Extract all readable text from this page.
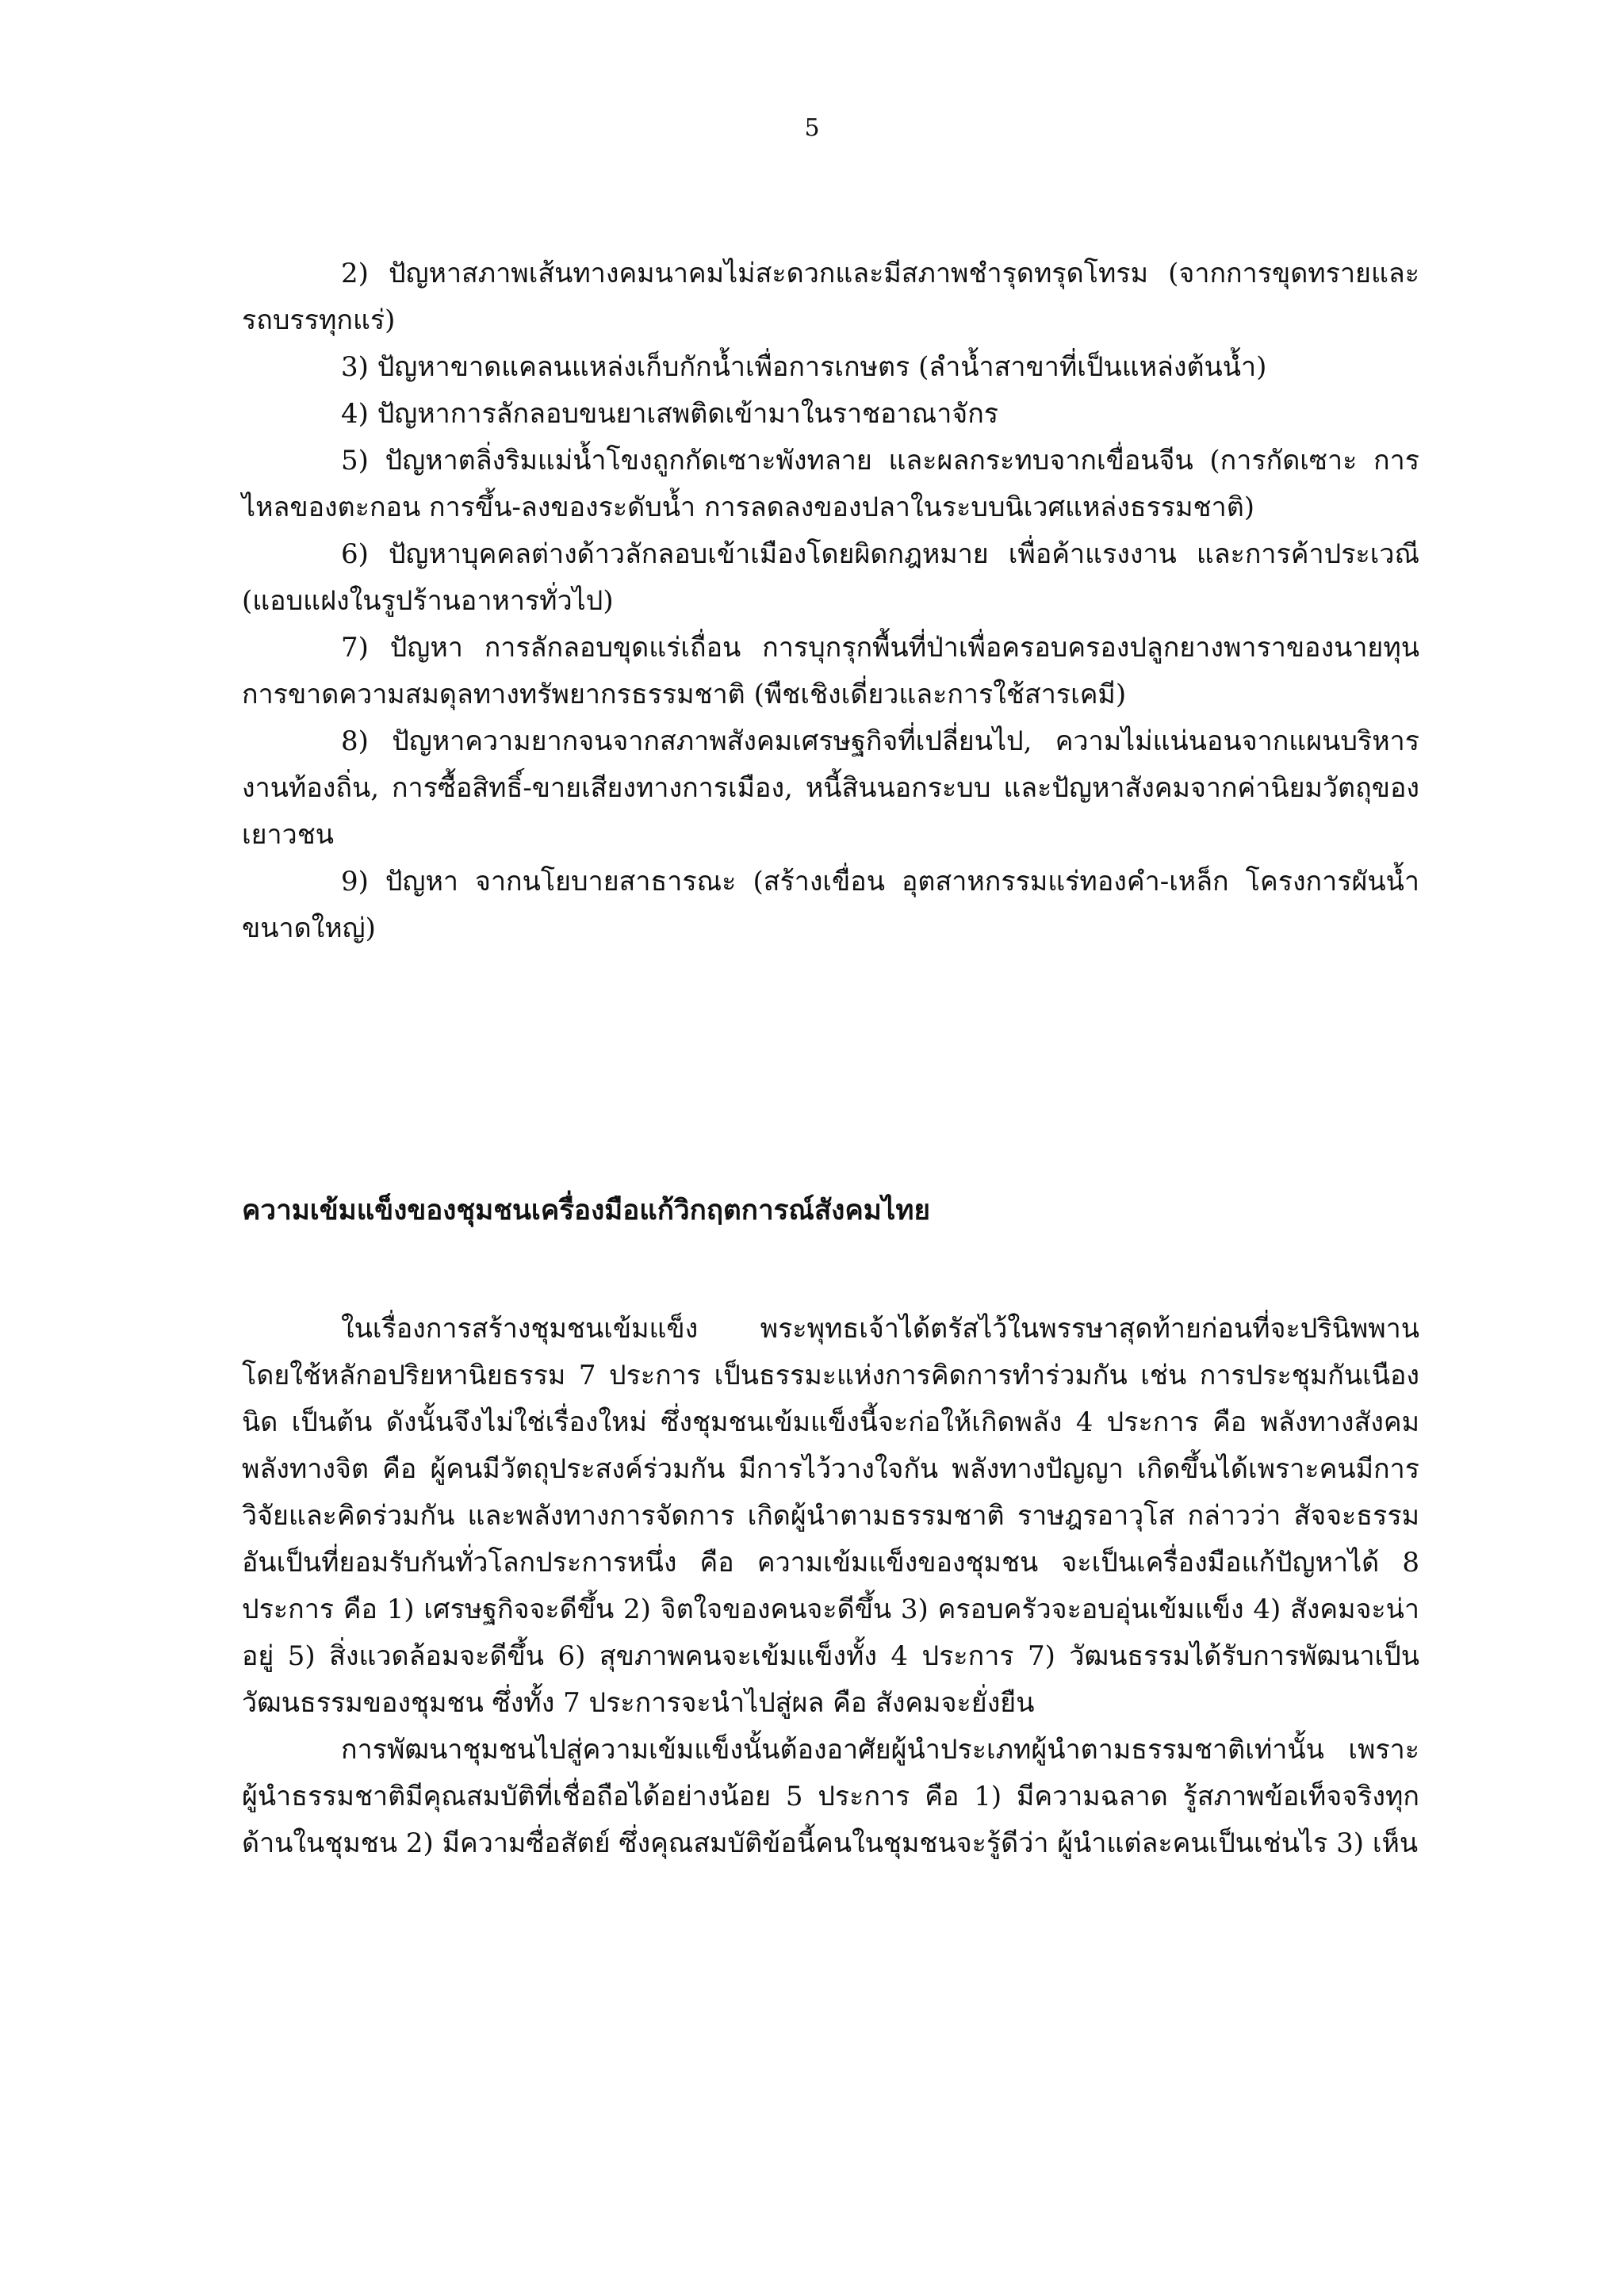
5

2) ปัญหาสภาพเส้นทางคมนาคมไม่สะดวกและมีสภาพชำรุดทรุดโทรม (จากการขุดทรายและรถบรรทุกแร่)

3) ปัญหาขาดแคลนแหล่งเก็บกักน้ำเพื่อการเกษตร (ลำน้ำสาขาที่เป็นแหล่งต้นน้ำ)

4) ปัญหาการลักลอบขนยาเสพติดเข้ามาในราชอาณาจักร

5) ปัญหาตลิ่งริมแม่น้ำโขงถูกกัดเซาะพังทลาย และผลกระทบจากเขื่อนจีน (การกัดเซาะ การไหลของตะกอน การขึ้น-ลงของระดับน้ำ การลดลงของปลาในระบบนิเวศแหล่งธรรมชาติ)

6) ปัญหาบุคคลต่างด้าวลักลอบเข้าเมืองโดยผิดกฎหมาย เพื่อค้าแรงงาน และการค้าประเวณี (แอบแฝงในรูปร้านอาหารทั่วไป)

7) ปัญหา การลักลอบขุดแร่เถื่อน การบุกรุกพื้นที่ป่าเพื่อครอบครองปลูกยางพาราของนายทุน การขาดความสมดุลทางทรัพยากรธรรมชาติ (พืชเชิงเดี่ยวและการใช้สารเคมี)

8) ปัญหาความยากจนจากสภาพสังคมเศรษฐกิจที่เปลี่ยนไป, ความไม่แน่นอนจากแผนบริหารงานท้องถิ่น, การซื้อสิทธิ์-ขายเสียงทางการเมือง, หนี้สินนอกระบบ และปัญหาสังคมจากค่านิยมวัตถุของเยาวชน

9) ปัญหา จากนโยบายสาธารณะ (สร้างเขื่อน อุตสาหกรรมแร่ทองคำ-เหล็ก โครงการผันน้ำขนาดใหญ่)

ความเข้มแข็งของชุมชนเครื่องมือแก้วิกฤตการณ์สังคมไทย

ในเรื่องการสร้างชุมชนเข้มแข็ง พระพุทธเจ้าได้ตรัสไว้ในพรรษาสุดท้ายก่อนที่จะปรินิพพาน โดยใช้หลักอปริยหานิยธรรม 7 ประการ เป็นธรรมะแห่งการคิดการทำร่วมกัน เช่น การประชุมกันเนืองนิด เป็นต้น ดังนั้นจึงไม่ใช่เรื่องใหม่ ซึ่งชุมชนเข้มแข็งนี้จะก่อให้เกิดพลัง 4 ประการ คือ พลังทางสังคม พลังทางจิต คือ ผู้คนมีวัตถุประสงค์ร่วมกัน มีการไว้วางใจกัน พลังทางปัญญา เกิดขึ้นได้เพราะคนมีการวิจัยและคิดร่วมกัน และพลังทางการจัดการ เกิดผู้นำตามธรรมชาติ ราษฎรอาวุโส กล่าวว่า สัจจะธรรมอันเป็นที่ยอมรับกันทั่วโลกประการหนึ่ง คือ ความเข้มแข็งของชุมชน จะเป็นเครื่องมือแก้ปัญหาได้ 8 ประการ คือ 1) เศรษฐกิจจะดีขึ้น 2) จิตใจของคนจะดีขึ้น 3) ครอบครัวจะอบอุ่นเข้มแข็ง 4) สังคมจะน่าอยู่ 5) สิ่งแวดล้อมจะดีขึ้น 6) สุขภาพคนจะเข้มแข็งทั้ง 4 ประการ 7) วัฒนธรรมได้รับการพัฒนาเป็นวัฒนธรรมของชุมชน ซึ่งทั้ง 7 ประการจะนำไปสู่ผล คือ สังคมจะยั่งยืน

การพัฒนาชุมชนไปสู่ความเข้มแข็งนั้นต้องอาศัยผู้นำประเภทผู้นำตามธรรมชาติเท่านั้น เพราะผู้นำธรรมชาติมีคุณสมบัติที่เชื่อถือได้อย่างน้อย 5 ประการ คือ 1) มีความฉลาด รู้สภาพข้อเท็จจริงทุกด้านในชุมชน 2) มีความซื่อสัตย์ ซึ่งคุณสมบัติข้อนี้คนในชุมชนจะรู้ดีว่า ผู้นำแต่ละคนเป็นเช่นไร 3) เห็น
